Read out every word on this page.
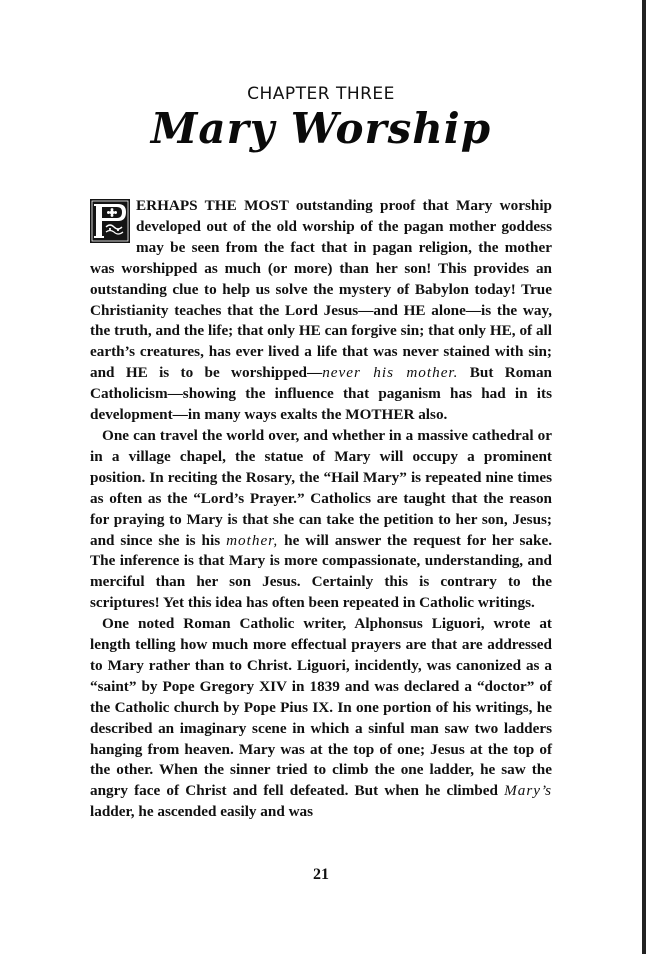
CHAPTER THREE
Mary Worship

ERHAPS THE MOST outstanding proof that Mary worship developed out of the old worship of the pagan mother goddess may be seen from the fact that in pagan religion, the mother was worshipped as much (or more) than her son! This provides an outstanding clue to help us solve the mystery of Babylon today! True Christianity teaches that the Lord Jesus—and HE alone—is the way, the truth, and the life; that only HE can forgive sin; that only HE, of all earth’s creatures, has ever lived a life that was never stained with sin; and HE is to be worshipped—never his mother. But Roman Catholicism—showing the influence that paganism has had in its development—in many ways exalts the MOTHER also.

One can travel the world over, and whether in a massive cathedral or in a village chapel, the statue of Mary will occupy a prominent position. In reciting the Rosary, the “Hail Mary” is repeated nine times as often as the “Lord’s Prayer.” Catholics are taught that the reason for praying to Mary is that she can take the petition to her son, Jesus; and since she is his mother, he will answer the request for her sake. The inference is that Mary is more compassionate, understanding, and merciful than her son Jesus. Certainly this is contrary to the scriptures! Yet this idea has often been repeated in Catholic writings.

One noted Roman Catholic writer, Alphonsus Liguori, wrote at length telling how much more effectual prayers are that are addressed to Mary rather than to Christ. Liguori, incidently, was canonized as a “saint” by Pope Gregory XIV in 1839 and was declared a “doctor” of the Catholic church by Pope Pius IX. In one portion of his writings, he described an imaginary scene in which a sinful man saw two ladders hanging from heaven. Mary was at the top of one; Jesus at the top of the other. When the sinner tried to climb the one ladder, he saw the angry face of Christ and fell defeated. But when he climbed Mary’s ladder, he ascended easily and was

21
